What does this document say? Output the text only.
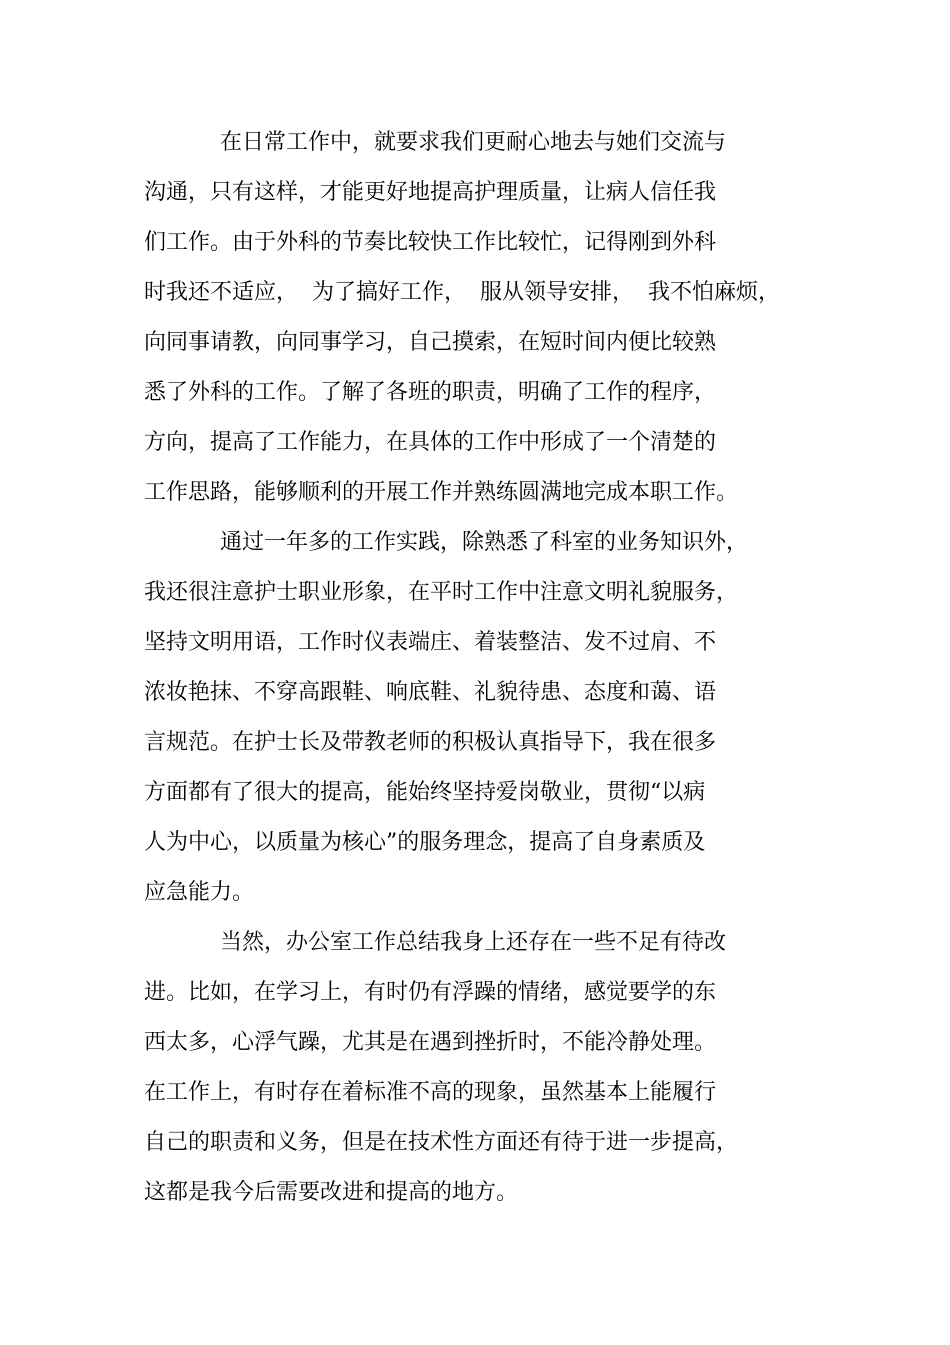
在日常工作中，就要求我们更耐心地去与她们交流与
沟通，只有这样，才能更好地提高护理质量，让病人信任我
们工作。由于外科的节奏比较快工作比较忙，记得刚到外科
时我还不适应，  为了搞好工作，  服从领导安排，  我不怕麻烦，
向同事请教，向同事学习，自己摸索，在短时间内便比较熟
悉了外科的工作。了解了各班的职责，明确了工作的程序，
方向，提高了工作能力，在具体的工作中形成了一个清楚的
工作思路，能够顺利的开展工作并熟练圆满地完成本职工作。
通过一年多的工作实践，除熟悉了科室的业务知识外，
我还很注意护士职业形象，在平时工作中注意文明礼貌服务，
坚持文明用语，工作时仪表端庄、着装整洁、发不过肩、不
浓妆艳抹、不穿高跟鞋、响底鞋、礼貌待患、态度和蔼、语
言规范。在护士长及带教老师的积极认真指导下，我在很多
方面都有了很大的提高，能始终坚持爱岗敬业，贯彻“以病
人为中心，以质量为核心”的服务理念，提高了自身素质及
应急能力。
当然，办公室工作总结我身上还存在一些不足有待改
进。比如，在学习上，有时仍有浮躁的情绪，感觉要学的东
西太多，心浮气躁，尤其是在遇到挫折时，不能冷静处理。
在工作上，有时存在着标准不高的现象，虽然基本上能履行
自己的职责和义务，但是在技术性方面还有待于进一步提高，
这都是我今后需要改进和提高的地方。
